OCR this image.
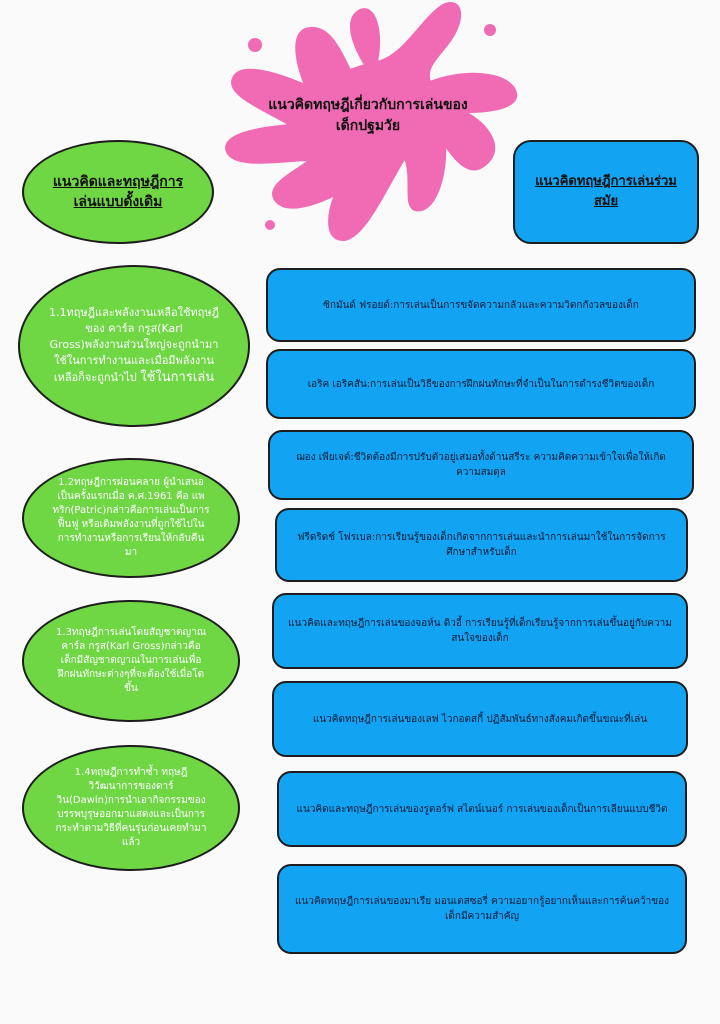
แนวคิดทฤษฎีเกี่ยวกับการเล่นของเด็กปฐมวัย
แนวคิดและทฤษฎีการเล่นแบบดั้งเดิม
แนวคิดทฤษฎีการเล่นร่วมสมัย
1.1ทฤษฎีและพลังงานเหลือใช้ทฤษฎีของ คาร์ล กรูส(Karl Gross)พลังงานส่วนใหญ่จะถูกนำมาใช้ในการทำงานและเมื่อมีพลังงานเหลือก็จะถูกนำไป ใช้ในการเล่น
1.2ทฤษฎีการผ่อนคลาย ผู้นำเสนอเป็นครั้งแรกเมื่อ ค.ศ.1961 คือ แพทริก(Patric)กล่าวคือการเล่นเป็นการฟื้นฟู หรือเติมพลังงานที่ถูกใช้ไปในการทำงานหรือการเรียนให้กลับคืนมา
1.3ทฤษฎีการเล่นโดยสัญชาตญาณ คาร์ล กรูส(Karl Gross)กล่าวคือ เด็กมีสัญชาตญาณในการเล่นเพื่อฝึกฝนทักษะต่างๆที่จะต้องใช้เมื่อโตขึ้น
1.4ทฤษฎีการทำซ้ำ ทฤษฎีวิวัฒนาการของดาร์วิน(Dawin)การนำเอากิจกรรมของบรรพบุรุษออกมาแสดงและเป็นการกระทำตามวิธีที่คนรุ่นก่อนเคยทำมาแล้ว
ซิกมันด์ ฟรอยด์:การเล่นเป็นการขจัดความกลัวและความวิตกกังวลของเด็ก
เอริค เอริคสัน:การเล่นเป็นวิธีของการฝึกฝนทักษะที่จำเป็นในการดำรงชีวิตของเด็ก
ฌอง เพียเจต์:ชีวิตต้องมีการปรับตัวอยู่เสมอทั้งด้านสรีระ ความคิดความเข้าใจเพื่อให้เกิดความสมดุล
ฟรีดริดช์ โฟรเบล:การเรียนรู้ของเด็กเกิดจากการเล่นและนำการเล่นมาใช้ในการจัดการศึกษาสำหรับเด็ก
แนวคิดและทฤษฎีการเล่นของจอห์น ดิวอี้ การเรียนรู้ที่เด็กเรียนรู้จากการเล่นขึ้นอยู่กับความสนใจของเด็ก
แนวคิดทฤษฎีการเล่นของเลฟ ไวกอตสกี้ ปฏิสัมพันธ์ทางสังคมเกิดขึ้นขณะที่เล่น
แนวคิดและทฤษฎีการเล่นของรูดอร์ฟ สไตน์เนอร์ การเล่นของเด็กเป็นการเลียนแบบชีวิต
แนวคิดทฤษฎีการเล่นของมาเรีย มอนเตสซอรี่ ความอยากรู้อยากเห็นและการค้นคว้าของเด็กมีความสำคัญ
